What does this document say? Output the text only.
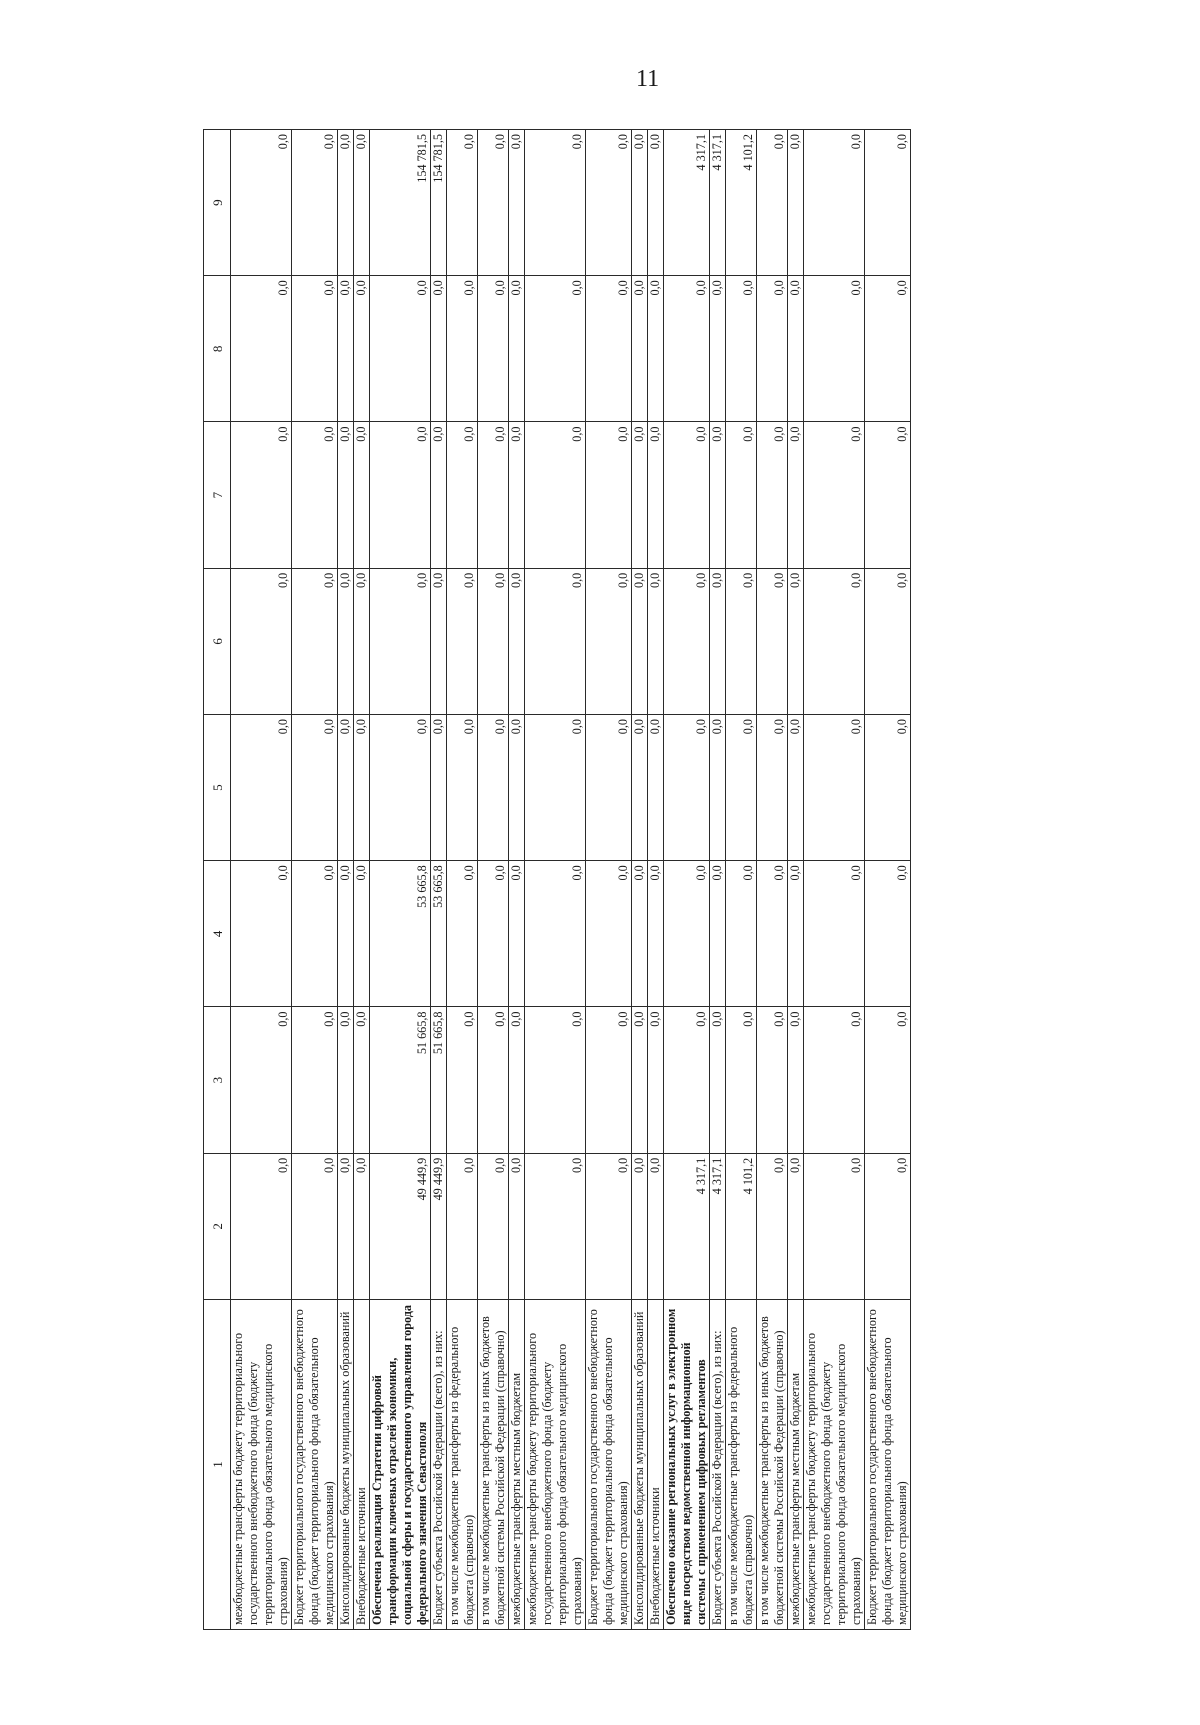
11
1	2	3	4	5	6	7	8	9
межбюджетные трансферты бюджету территориального государственного внебюджетного фонда (бюджету территориального фонда обязательного медицинского страхования)	0,0	0,0	0,0	0,0	0,0	0,0	0,0	0,0
Бюджет территориального государственного внебюджетного фонда (бюджет территориального фонда обязательного медицинского страхования)	0,0	0,0	0,0	0,0	0,0	0,0	0,0	0,0
Консолидированные бюджеты муниципальных образований	0,0	0,0	0,0	0,0	0,0	0,0	0,0	0,0
Внебюджетные источники	0,0	0,0	0,0	0,0	0,0	0,0	0,0	0,0
Обеспечена реализация Стратегии цифровой трансформации ключевых отраслей экономики, социальной сферы и государственного управления города федерального значения Севастополя	49 449,9	51 665,8	53 665,8	0,0	0,0	0,0	0,0	154 781,5
Бюджет субъекта Российской Федерации (всего), из них:	49 449,9	51 665,8	53 665,8	0,0	0,0	0,0	0,0	154 781,5
в том числе межбюджетные трансферты из федерального бюджета (справочно)	0,0	0,0	0,0	0,0	0,0	0,0	0,0	0,0
в том числе межбюджетные трансферты из иных бюджетов бюджетной системы Российской Федерации (справочно)	0,0	0,0	0,0	0,0	0,0	0,0	0,0	0,0
межбюджетные трансферты местным бюджетам	0,0	0,0	0,0	0,0	0,0	0,0	0,0	0,0
межбюджетные трансферты бюджету территориального государственного внебюджетного фонда (бюджету территориального фонда обязательного медицинского страхования)	0,0	0,0	0,0	0,0	0,0	0,0	0,0	0,0
Бюджет территориального государственного внебюджетного фонда (бюджет территориального фонда обязательного медицинского страхования)	0,0	0,0	0,0	0,0	0,0	0,0	0,0	0,0
Консолидированные бюджеты муниципальных образований	0,0	0,0	0,0	0,0	0,0	0,0	0,0	0,0
Внебюджетные источники	0,0	0,0	0,0	0,0	0,0	0,0	0,0	0,0
Обеспечено оказание региональных услуг в электронном виде посредством ведомственной информационной системы с применением цифровых регламентов	4 317,1	0,0	0,0	0,0	0,0	0,0	0,0	4 317,1
Бюджет субъекта Российской Федерации (всего), из них:	4 317,1	0,0	0,0	0,0	0,0	0,0	0,0	4 317,1
в том числе межбюджетные трансферты из федерального бюджета (справочно)	4 101,2	0,0	0,0	0,0	0,0	0,0	0,0	4 101,2
в том числе межбюджетные трансферты из иных бюджетов бюджетной системы Российской Федерации (справочно)	0,0	0,0	0,0	0,0	0,0	0,0	0,0	0,0
межбюджетные трансферты местным бюджетам	0,0	0,0	0,0	0,0	0,0	0,0	0,0	0,0
межбюджетные трансферты бюджету территориального государственного внебюджетного фонда (бюджету территориального фонда обязательного медицинского страхования)	0,0	0,0	0,0	0,0	0,0	0,0	0,0	0,0
Бюджет территориального государственного внебюджетного фонда (бюджет территориального фонда обязательного медицинского страхования)	0,0	0,0	0,0	0,0	0,0	0,0	0,0	0,0
